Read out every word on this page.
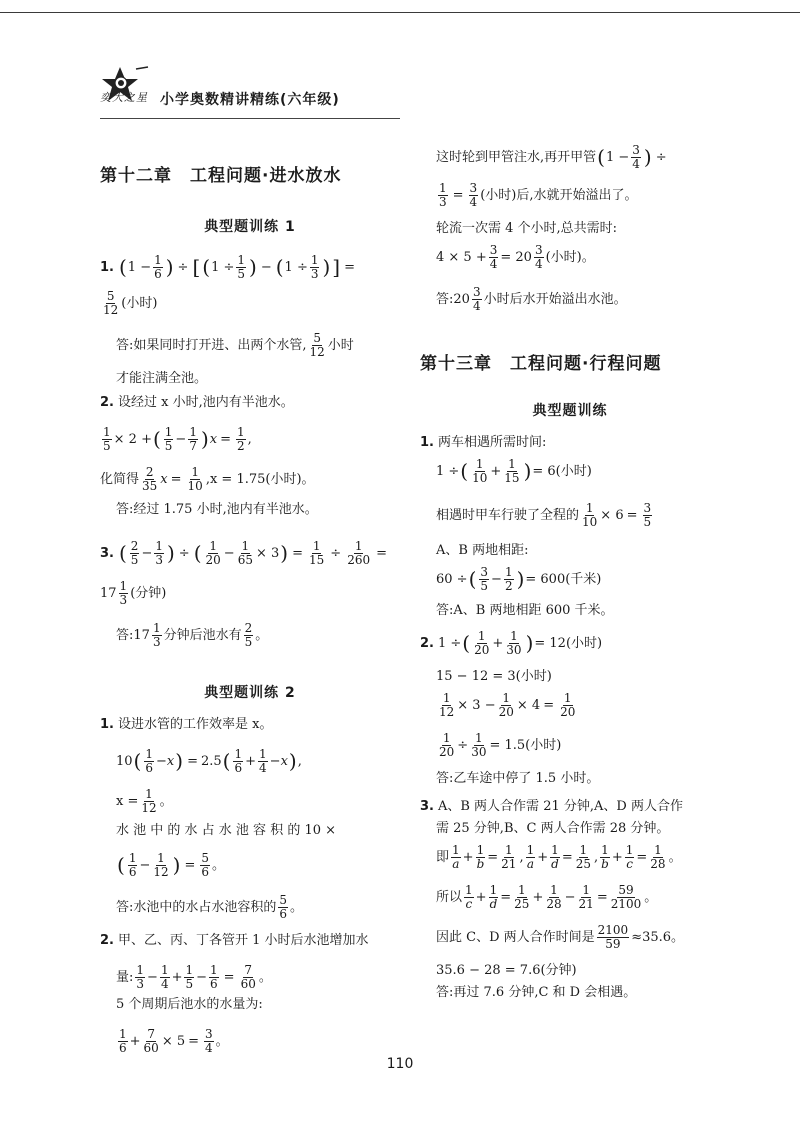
奕大之星 小学奥数精讲精练(六年级)
第十二章　工程问题·进水放水
典型题训练 1
1. ( $1 - \frac{1}{6}$ ) ÷ [ ( $1 \div \frac{1}{5}$ ) − ( $1 \div \frac{1}{3}$ ) ] =
$\frac{5}{12}$ (小时)
答:如果同时打开进、出两个水管, $\frac{5}{12}$ 小时
才能注满全池。
2. 设经过 x 小时,池内有半池水。
$\frac{1}{5} \times 2$ + ( $\frac{1}{5} - \frac{1}{7}$ ) $x = \frac{1}{2}$ ,
化简得 $\frac{2}{35}$ $x = \frac{1}{10} ,x = 1.75$(小时)。
答:经过 1.75 小时,池内有半池水。
3. ( $\frac{2}{5} - \frac{1}{3}$ ) ÷ ( $\frac{1}{20} - \frac{1}{65} \times 3$ ) = $\frac{1}{15} \div \frac{1}{260}$ =
$17 \frac{1}{3}$ (分钟)
答:17 $\frac{1}{3}$ 分钟后池水有 $\frac{2}{5}$ 。
典型题训练 2
1. 设进水管的工作效率是 x。
10 ( $\frac{1}{6} - x$ ) = 2.5 ( $\frac{1}{6} + \frac{1}{4} - x$ ) ,
$x = \frac{1}{12}$ 。
水 池 中 的 水 占 水 池 容 积 的 10 ×
( $\frac{1}{6} - \frac{1}{12}$ ) = $\frac{5}{6}$ 。
答:水池中的水占水池容积的 $\frac{5}{6}$ 。
2. 甲、乙、丙、丁各管开 1 小时后水池增加水
量: $\frac{1}{3} - \frac{1}{4} + \frac{1}{5} - \frac{1}{6} = \frac{7}{60}$ 。
5 个周期后池水的水量为:
$\frac{1}{6} + \frac{7}{60} \times 5 = \frac{3}{4}$ 。
这时轮到甲管注水,再开甲管 ( $1 - \frac{3}{4}$ ) ÷
$\frac{1}{3} = \frac{3}{4}$ (小时)后,水就开始溢出了。
轮流一次需 4 个小时,总共需时:
$4 \times 5 + \frac{3}{4} = 20 \frac{3}{4}$ (小时)。
答:20 $\frac{3}{4}$ 小时后水开始溢出水池。
第十三章　工程问题·行程问题
典型题训练
1. 两车相遇所需时间:
1 ÷ ( $\frac{1}{10} + \frac{1}{15}$ ) = 6(小时)
相遇时甲车行驶了全程的 $\frac{1}{10} \times 6 = \frac{3}{5}$
A、B 两地相距:
60 ÷ ( $\frac{3}{5} - \frac{1}{2}$ ) = 600(千米)
答:A、B 两地相距 600 千米。
2. 1 ÷ ( $\frac{1}{20} + \frac{1}{30}$ ) = 12(小时)
15 − 12 = 3(小时)
$\frac{1}{12} \times 3 - \frac{1}{20} \times 4 = \frac{1}{20}$
$\frac{1}{20} \div \frac{1}{30} = 1.5$(小时)
答:乙车途中停了 1.5 小时。
3. A、B 两人合作需 21 分钟,A、D 两人合作
需 25 分钟,B、C 两人合作需 28 分钟。
即 $\frac{1}{a} + \frac{1}{b} = \frac{1}{21}$ , $\frac{1}{a} + \frac{1}{d} = \frac{1}{25}$ , $\frac{1}{b} + \frac{1}{c} = \frac{1}{28}$ 。
所以 $\frac{1}{c} + \frac{1}{d} = \frac{1}{25} + \frac{1}{28} - \frac{1}{21} = \frac{59}{2100}$ 。
因此 C、D 两人合作时间是 $\frac{2100}{59} \approx 35.6$。
35.6 − 28 = 7.6(分钟)
答:再过 7.6 分钟,C 和 D 会相遇。
110
